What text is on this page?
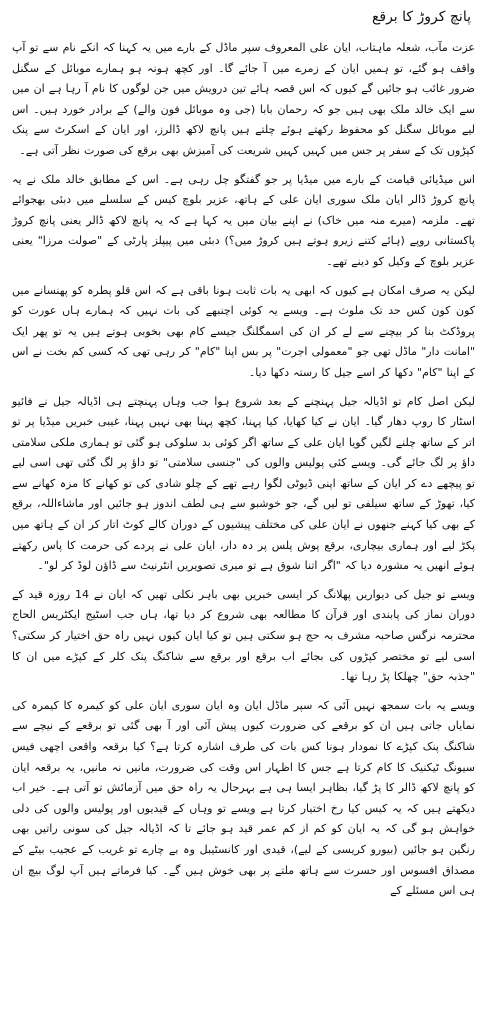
پانچ کروڑ کا برقع

عزت مآب، شعلہ ماہتاب، ایان علی المعروف سپر ماڈل کے بارے میں یہ کہنا کہ انکے نام سے تو آپ واقف ہو گئے، تو ہمیں ایان کے زمرے میں آ جائے گا۔ اور کچھ ہونہ ہو ہمارے موبائل کے سگنل ضرور غائب ہو جائیں گے کیوں کہ اس قصہ ہائے تین درویش میں جن لوگوں کا نام آ رہا ہے ان میں سے ایک خالد ملک بھی ہیں جو کہ رحمان بابا (جی وہ موبائل فون والے) کے برادر خورد ہیں۔ اس لیے موبائل سگنل کو محفوظ رکھتے ہوئے چلتے ہیں پانچ لاکھ ڈالرز، اور ایان کے اسکرٹ سے پنک کپڑوں تک کے سفر پر جس میں کہیں کہیں شریعت کی آمیزش بھی برقع کی صورت نظر آتی ہے۔

اس میڈیائی قیامت کے بارے میں میڈیا پر جو گفتگو چل رہی ہے۔ اس کے مطابق خالد ملک نے یہ پانچ کروڑ ڈالر ایان ملک سوری ایان علی کے ہاتھ، عزیر بلوچ کیس کے سلسلے میں دبئی بھجوائے تھے۔ ملزمہ (میرے منہ میں خاک) نے اپنے بیان میں یہ کہا ہے کہ یہ پانچ لاکھ ڈالر یعنی پانچ کروڑ پاکستانی روپے (ہائے کتنے زیرو ہوتے ہیں کروڑ میں؟) دبئی میں پیپلز پارٹی کے "صولت مرزا" یعنی عزیر بلوچ کے وکیل کو دینے تھے۔

لیکن یہ صرف امکان ہے کیوں کہ ابھی یہ بات ثابت ہونا باقی ہے کہ اس قلو پطرہ کو پھنسانے میں کون کون کس حد تک ملوث ہے۔ ویسے یہ کوئی اچنبھے کی بات نہیں کہ ہمارے ہاں عورت کو پروڈکٹ بنا کر بیچنے سے لے کر ان کی اسمگلنگ جیسے کام بھی بخوبی ہوتے ہیں یہ تو پھر ایک "امانت دار" ماڈل تھی جو "معمولی اجرت" پر بس اپنا "کام" کر رہی تھی کہ کسی کم بخت نے اس کے اپنا "کام" دکھا کر اسے جیل کا رستہ دکھا دیا۔

لیکن اصل کام تو اڈیالہ جیل پہنچنے کے بعد شروع ہوا جب وہاں پہنچتے ہی اڈیالہ جیل نے فائیو اسٹار کا روپ دھار گیا۔ ایان نے کیا کھایا، کیا پہنا، کچھ پہنا بھی نہیں پہنا، غیبی خبریں میڈیا پر تو اتر کے ساتھ چلنے لگیں گویا ایان علی کے ساتھ اگر کوئی بد سلوکی ہو گئی تو ہماری ملکی سلامتی داؤ پر لگ جائے گی۔ ویسے کئی پولیس والوں کی "جنسی سلامتی" تو داؤ پر لگ گئی تھی اسی لیے تو پیچھے دے کر ایان کے ساتھ اپنی ڈیوٹی لگوا رہے تھے کے چلو شادی کی تو کھانے کا مزہ کھانے سے کیا، تھوڑ کے ساتھ سیلفی تو لیں گے، جو خوشبو سے ہی لطف اندوز ہو جائیں اور ماشاءاللہ، برقع کے بھی کیا کہنے جنھوں نے ایان علی کی مختلف پیشیوں کے دوران کالے کوٹ اتار کر ان کے ہاتھ میں پکڑ لیے اور ہماری بیچاری، برقع پوش پلس پر دہ دار، ایان علی نے پردے کی حرمت کا پاس رکھتے ہوئے انھیں یہ مشورہ دیا کہ "اگر اتنا شوق ہے تو میری تصویریں انٹرنیٹ سے ڈاؤن لوڈ کر لو"۔

ویسے تو جیل کی دیواریں پھلانگ کر ایسی خبریں بھی باہر نکلی تھیں کہ ایان نے 14 روزہ قید کے دوران نماز کی پابندی اور قرآن کا مطالعہ بھی شروع کر دیا تھا، ہاں جب اسٹیج ایکٹریس الحاج محترمہ نرگس صاحبہ مشرف بہ حج ہو سکتی ہیں تو کیا ایان کیوں نہیں راہ حق اختیار کر سکتی؟ اسی لیے تو مختصر کپڑوں کی بجائے اب برقع اور برقع سے شاکنگ پنک کلر کے کپڑے میں ان کا "جذبہ حق" چھلکا پڑ رہا تھا۔

ویسے یہ بات سمجھ نہیں آئی کہ سپر ماڈل ایان وہ ایان سوری ایان علی کو کیمرہ کا کیمرہ کی نمایاں جاتی ہیں ان کو برقعے کی ضرورت کیوں پیش آئی اور آ بھی گئی تو برقعے کے نیچے سے شاکنگ پنک کپڑے کا نمودار ہونا کس بات کی طرف اشارہ کرتا ہے؟ کیا برقعہ واقعی اچھی فیس سیونگ ٹیکنیک کا کام کرتا ہے جس کا اظہار اس وقت کی ضرورت، مانیں نہ مانیں، یہ برقعہ ایان کو پانچ لاکھ ڈالر کا پڑ گیا، بظاہر ایسا ہی ہے بہرحال یہ راہ حق میں آزمائش تو آتی ہے۔ خیر اب دیکھتے ہیں کہ یہ کیس کیا رخ اختیار کرتا ہے ویسے تو وہاں کے قیدیوں اور پولیس والوں کی دلی خواہش ہو گی کہ یہ ایان کو کم از کم عمر قید ہو جائے تا کہ اڈیالہ جیل کی سونی راتیں بھی رنگین ہو جائیں (بیورو کریسی کے لیے)، قیدی اور کانسٹیبل وہ بے چارے تو غریب کے عجیب بیٹے کے مصداق افسوس اور حسرت سے ہاتھ ملتے پر بھی خوش ہیں گے۔ کیا فرماتے ہیں آپ لوگ بیچ ان ہی اس مسئلے کے
